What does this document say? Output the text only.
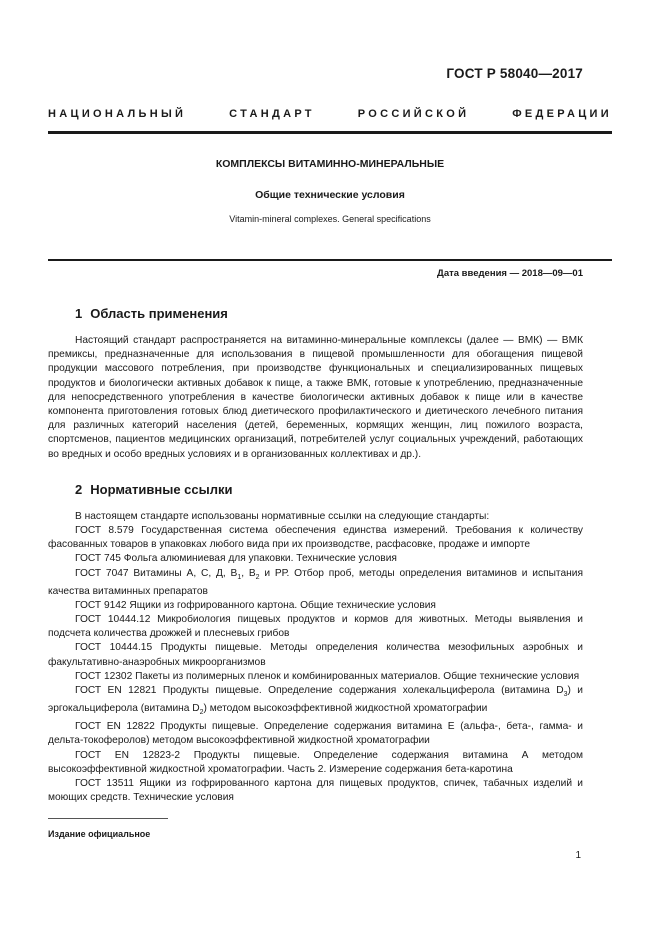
ГОСТ Р 58040—2017
НАЦИОНАЛЬНЫЙ	СТАНДАРТ	РОССИЙСКОЙ	ФЕДЕРАЦИИ
КОМПЛЕКСЫ ВИТАМИННО-МИНЕРАЛЬНЫЕ
Общие технические условия
Vitamin-mineral complexes. General specifications
Дата введения — 2018—09—01
1 Область применения
Настоящий стандарт распространяется на витаминно-минеральные комплексы (далее — ВМК) — ВМК премиксы, предназначенные для использования в пищевой промышленности для обогащения пищевой продукции массового потребления, при производстве функциональных и специализированных пищевых продуктов и биологически активных добавок к пище, а также ВМК, готовые к употреблению, предназначенные для непосредственного употребления в качестве биологически активных добавок к пище или в качестве компонента приготовления готовых блюд диетического профилактического и диетического лечебного питания для различных категорий населения (детей, беременных, кормящих женщин, лиц пожилого возраста, спортсменов, пациентов медицинских организаций, потребителей услуг социальных учреждений, работающих во вредных и особо вредных условиях и в организованных коллективах и др.).
2 Нормативные ссылки

В настоящем стандарте использованы нормативные ссылки на следующие стандарты:

ГОСТ 8.579 Государственная система обеспечения единства измерений. Требования к количеству фасованных товаров в упаковках любого вида при их производстве, расфасовке, продаже и импорте

ГОСТ 745 Фольга алюминиевая для упаковки. Технические условия

ГОСТ 7047 Витамины А, С, Д, $В_1$, $В_2$ и РР. Отбор проб, методы определения витаминов и испытания качества витаминных препаратов

ГОСТ 9142 Ящики из гофрированного картона. Общие технические условия

ГОСТ 10444.12 Микробиология пищевых продуктов и кормов для животных. Методы выявления и подсчета количества дрожжей и плесневых грибов

ГОСТ 10444.15 Продукты пищевые. Методы определения количества мезофильных аэробных и факультативно-анаэробных микроорганизмов

ГОСТ 12302 Пакеты из полимерных пленок и комбинированных материалов. Общие технические условия

ГОСТ EN 12821 Продукты пищевые. Определение содержания холекальциферола (витамина $D_3$) и эргокальциферола (витамина $D_2$) методом высокоэффективной жидкостной хроматографии

ГОСТ EN 12822 Продукты пищевые. Определение содержания витамина Е (альфа-, бета-, гамма- и дельта-токоферолов) методом высокоэффективной жидкостной хроматографии

ГОСТ EN 12823-2 Продукты пищевые. Определение содержания витамина А методом высокоэффективной жидкостной хроматографии. Часть 2. Измерение содержания бета-каротина

ГОСТ 13511 Ящики из гофрированного картона для пищевых продуктов, спичек, табачных изделий и моющих средств. Технические условия

Издание официальное
1
